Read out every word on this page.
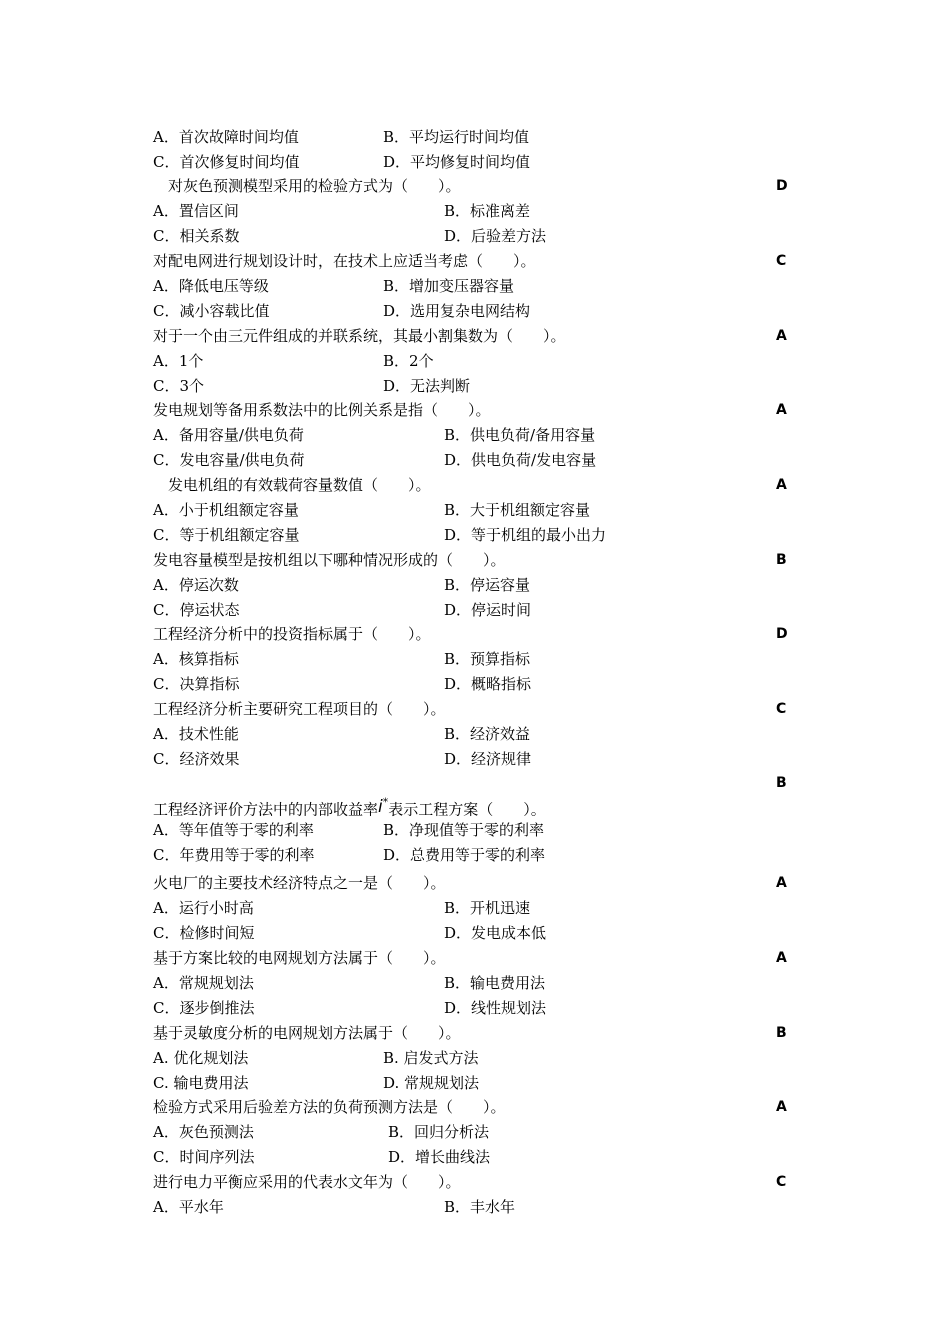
A．首次故障时间均值	B．平均运行时间均值
C．首次修复时间均值	D．平均修复时间均值
对灰色预测模型采用的检验方式为（　　）。	D
A．置信区间	B．标准离差
C．相关系数	D．后验差方法
对配电网进行规划设计时，在技术上应适当考虑（　　）。	C
A．降低电压等级	B．增加变压器容量
C．减小容载比值	D．选用复杂电网结构
对于一个由三元件组成的并联系统，其最小割集数为（　　）。	A
A．1个	B．2个
C．3个	D．无法判断
发电规划等备用系数法中的比例关系是指（　　）。	A
A．备用容量/供电负荷	B．供电负荷/备用容量
C．发电容量/供电负荷	D．供电负荷/发电容量
发电机组的有效载荷容量数值（　　）。	A
A．小于机组额定容量	B．大于机组额定容量
C．等于机组额定容量	D．等于机组的最小出力
发电容量模型是按机组以下哪种情况形成的（　　）。	B
A．停运次数	B．停运容量
C．停运状态	D．停运时间
工程经济分析中的投资指标属于（　　）。	D
A．核算指标	B．预算指标
C．决算指标	D．概略指标
工程经济分析主要研究工程项目的（　　）。	C
A．技术性能	B．经济效益
C．经济效果	D．经济规律
工程经济评价方法中的内部收益率i*表示工程方案（　　）。
B
A．等年值等于零的利率	B．净现值等于零的利率
C．年费用等于零的利率	D．总费用等于零的利率
火电厂的主要技术经济特点之一是（　　）。	A
A．运行小时高	B．开机迅速
C．检修时间短	D．发电成本低
基于方案比较的电网规划方法属于（　　）。	A
A．常规规划法	B．输电费用法
C．逐步倒推法	D．线性规划法
基于灵敏度分析的电网规划方法属于（　　）。	B
A. 优化规划法	B. 启发式方法
C. 输电费用法	D. 常规规划法
检验方式采用后验差方法的负荷预测方法是（　　）。	A
A．灰色预测法	B．回归分析法
C．时间序列法	D．增长曲线法
进行电力平衡应采用的代表水文年为（　　）。	C
A．平水年	B．丰水年
